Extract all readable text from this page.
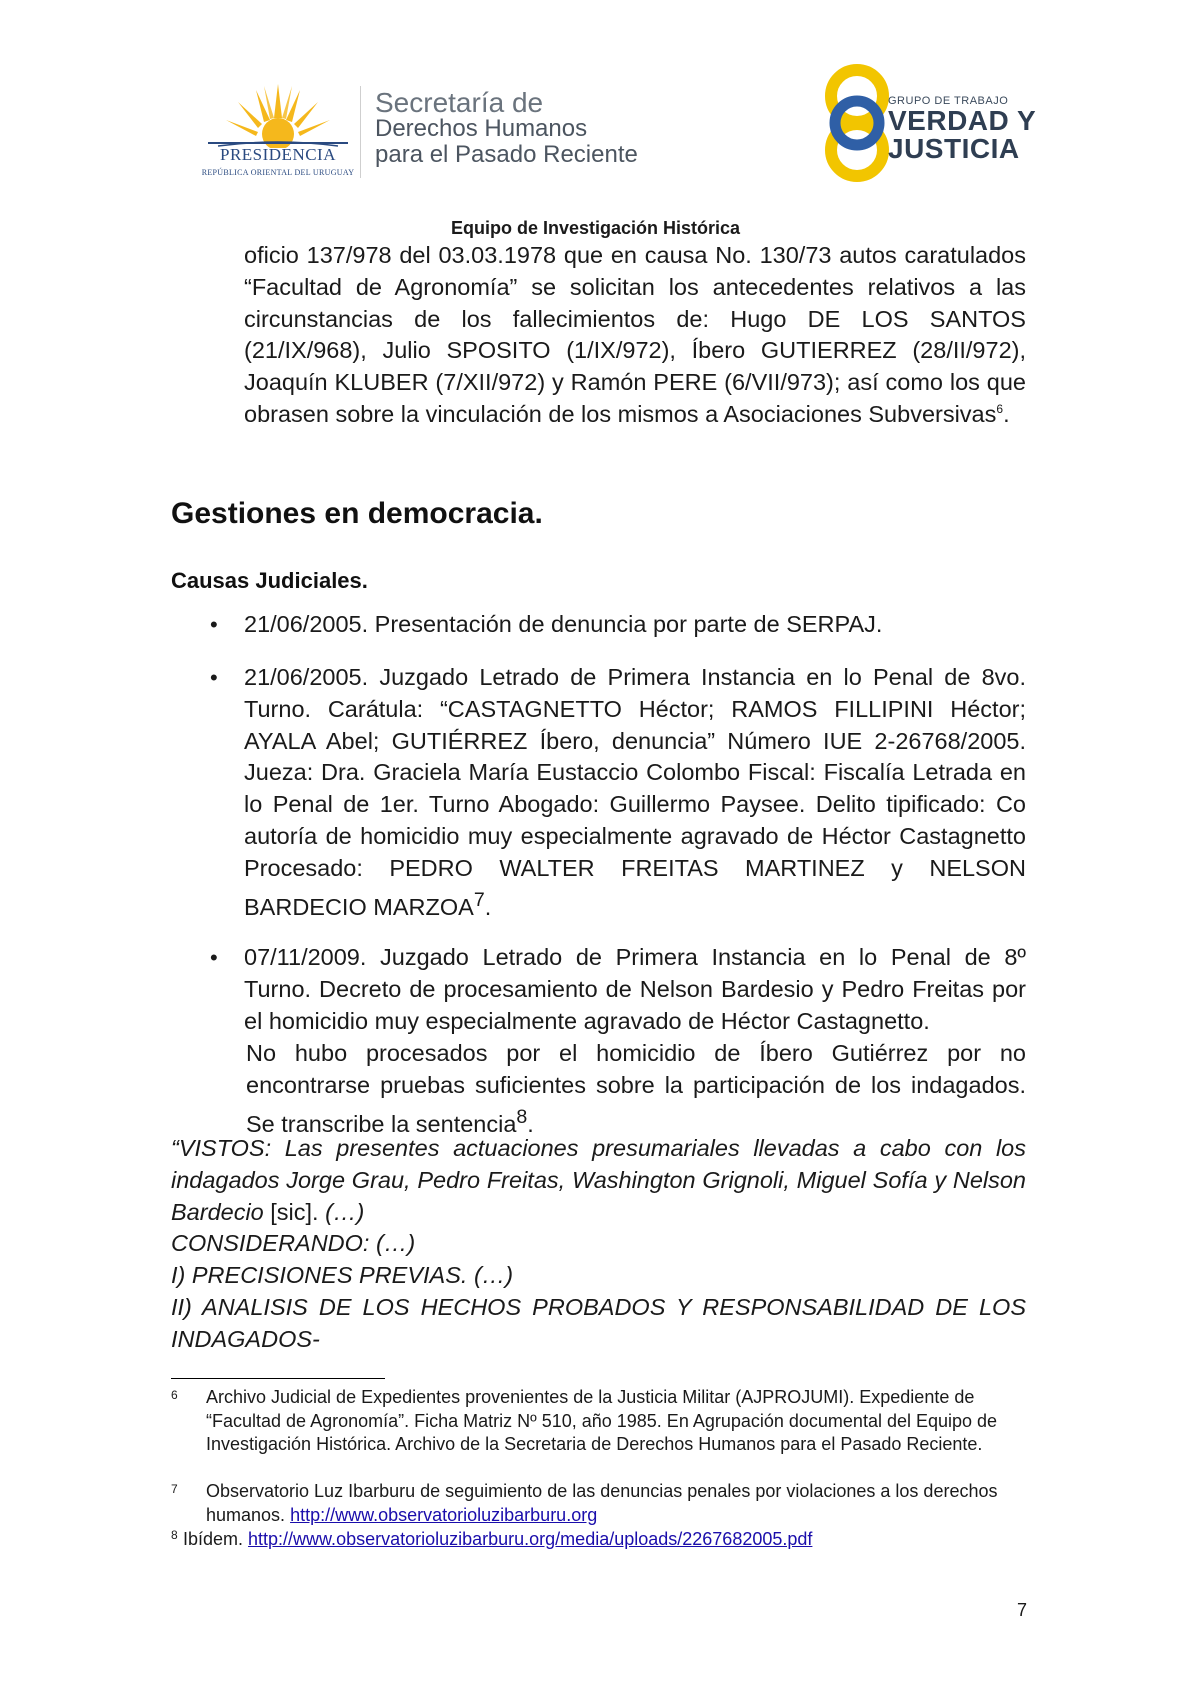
PRESIDENCIA
REPÚBLICA ORIENTAL DEL URUGUAY
Secretaría de
Derechos Humanos
para el Pasado Reciente
GRUPO DE TRABAJO
VERDAD Y
JUSTICIA
Equipo de Investigación Histórica
oficio 137/978 del 03.03.1978 que en causa No. 130/73 autos caratulados “Facultad de Agronomía” se solicitan los antecedentes relativos a las circunstancias de los fallecimientos de: Hugo DE LOS SANTOS (21/IX/968), Julio SPOSITO (1/IX/972), Íbero GUTIERREZ (28/II/972), Joaquín KLUBER (7/XII/972) y Ramón PERE (6/VII/973); así como los que obrasen sobre la vinculación de los mismos a Asociaciones Subversivas$^6$.
Gestiones en democracia.
Causas Judiciales.
• 21/06/2005. Presentación de denuncia por parte de SERPAJ.
• 21/06/2005. Juzgado Letrado de Primera Instancia en lo Penal de 8vo. Turno. Carátula: “CASTAGNETTO Héctor; RAMOS FILLIPINI Héctor; AYALA Abel; GUTIÉRREZ Íbero, denuncia” Número IUE 2-26768/2005. Jueza: Dra. Graciela María Eustaccio Colombo Fiscal: Fiscalía Letrada en lo Penal de 1er. Turno Abogado: Guillermo Paysee. Delito tipificado: Co autoría de homicidio muy especialmente agravado de Héctor Castagnetto Procesado: PEDRO WALTER FREITAS MARTINEZ y NELSON BARDECIO MARZOA$^7$.
• 07/11/2009. Juzgado Letrado de Primera Instancia en lo Penal de 8º Turno. Decreto de procesamiento de Nelson Bardesio y Pedro Freitas por el homicidio muy especialmente agravado de Héctor Castagnetto.
No hubo procesados por el homicidio de Íbero Gutiérrez por no encontrarse pruebas suficientes sobre la participación de los indagados. Se transcribe la sentencia$^8$.
“VISTOS: Las presentes actuaciones presumariales llevadas a cabo con los indagados Jorge Grau, Pedro Freitas, Washington Grignoli, Miguel Sofía y Nelson Bardecio [sic]. (…)
CONSIDERANDO: (…)
I) PRECISIONES PREVIAS. (…)
II) ANALISIS DE LOS HECHOS PROBADOS Y RESPONSABILIDAD DE LOS INDAGADOS-
6 Archivo Judicial de Expedientes provenientes de la Justicia Militar (AJPROJUMI). Expediente de “Facultad de Agronomía”. Ficha Matriz Nº 510, año 1985. En Agrupación documental del Equipo de Investigación Histórica. Archivo de la Secretaria de Derechos Humanos para el Pasado Reciente.
7 Observatorio Luz Ibarburu de seguimiento de las denuncias penales por violaciones a los derechos humanos. http://www.observatorioluzibarburu.org
8 Ibídem. http://www.observatorioluzibarburu.org/media/uploads/2267682005.pdf
7
